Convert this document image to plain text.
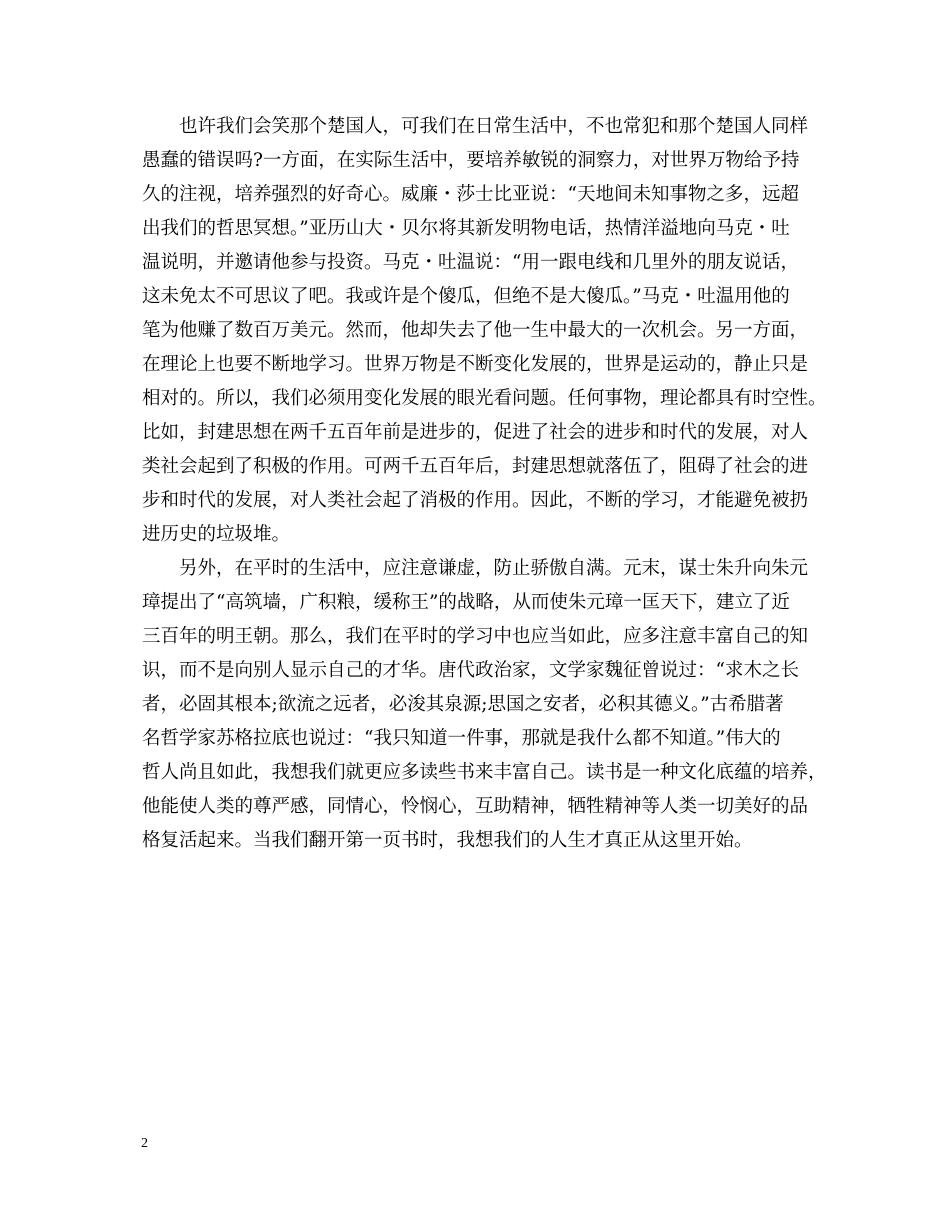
也许我们会笑那个楚国人，可我们在日常生活中，不也常犯和那个楚国人同样
愚蠢的错误吗?一方面，在实际生活中，要培养敏锐的洞察力，对世界万物给予持
久的注视，培养强烈的好奇心。威廉・莎士比亚说：“天地间未知事物之多，远超
出我们的哲思冥想。”亚历山大・贝尔将其新发明物电话，热情洋溢地向马克・吐
温说明，并邀请他参与投资。马克・吐温说：“用一跟电线和几里外的朋友说话，
这未免太不可思议了吧。我或许是个傻瓜，但绝不是大傻瓜。”马克・吐温用他的
笔为他赚了数百万美元。然而，他却失去了他一生中最大的一次机会。另一方面，
在理论上也要不断地学习。世界万物是不断变化发展的，世界是运动的，静止只是
相对的。所以，我们必须用变化发展的眼光看问题。任何事物，理论都具有时空性。
比如，封建思想在两千五百年前是进步的，促进了社会的进步和时代的发展，对人
类社会起到了积极的作用。可两千五百年后，封建思想就落伍了，阻碍了社会的进
步和时代的发展，对人类社会起了消极的作用。因此，不断的学习，才能避免被扔
进历史的垃圾堆。
另外，在平时的生活中，应注意谦虚，防止骄傲自满。元末，谋士朱升向朱元
璋提出了“高筑墙，广积粮，缓称王”的战略，从而使朱元璋一匡天下，建立了近
三百年的明王朝。那么，我们在平时的学习中也应当如此，应多注意丰富自己的知
识，而不是向别人显示自己的才华。唐代政治家，文学家魏征曾说过：“求木之长
者，必固其根本;欲流之远者，必浚其泉源;思国之安者，必积其德义。”古希腊著
名哲学家苏格拉底也说过：“我只知道一件事，那就是我什么都不知道。”伟大的
哲人尚且如此，我想我们就更应多读些书来丰富自己。读书是一种文化底蕴的培养，
他能使人类的尊严感，同情心，怜悯心，互助精神，牺牲精神等人类一切美好的品
格复活起来。当我们翻开第一页书时，我想我们的人生才真正从这里开始。
2
